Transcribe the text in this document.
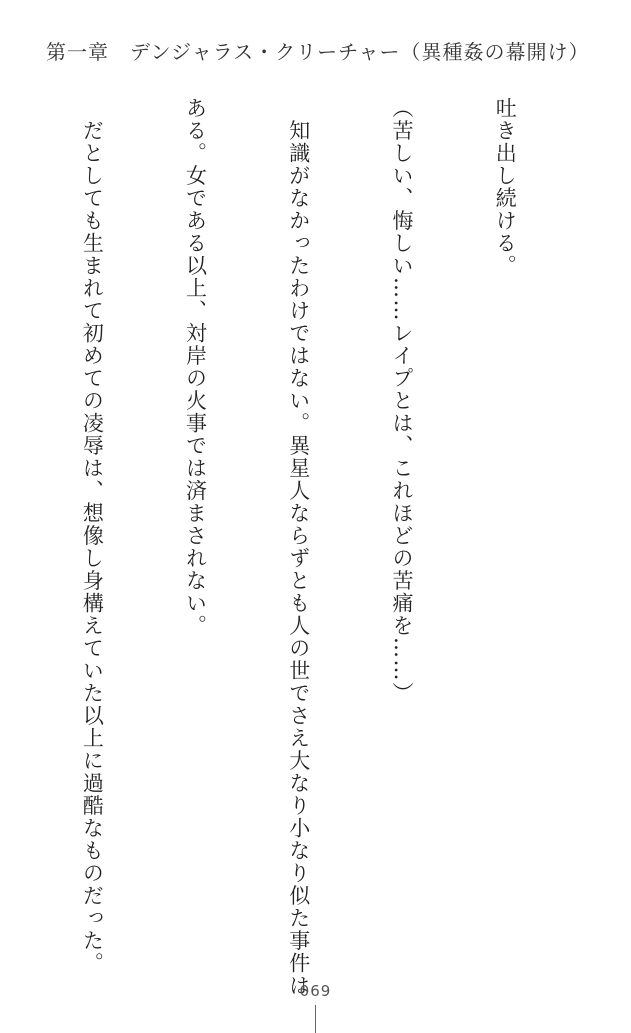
第一章　デンジャラス・クリーチャー（異種姦の幕開け）

吐き出し続ける。

（苦しい、悔しい……レイプとは、これほどの苦痛を……）

　知識がなかったわけではない。異星人ならずとも人の世でさえ大なり小なり似た事件は

ある。女である以上、対岸の火事では済まされない。

　だとしても生まれて初めての凌辱は、想像し身構えていた以上に過酷なものだった。

069
